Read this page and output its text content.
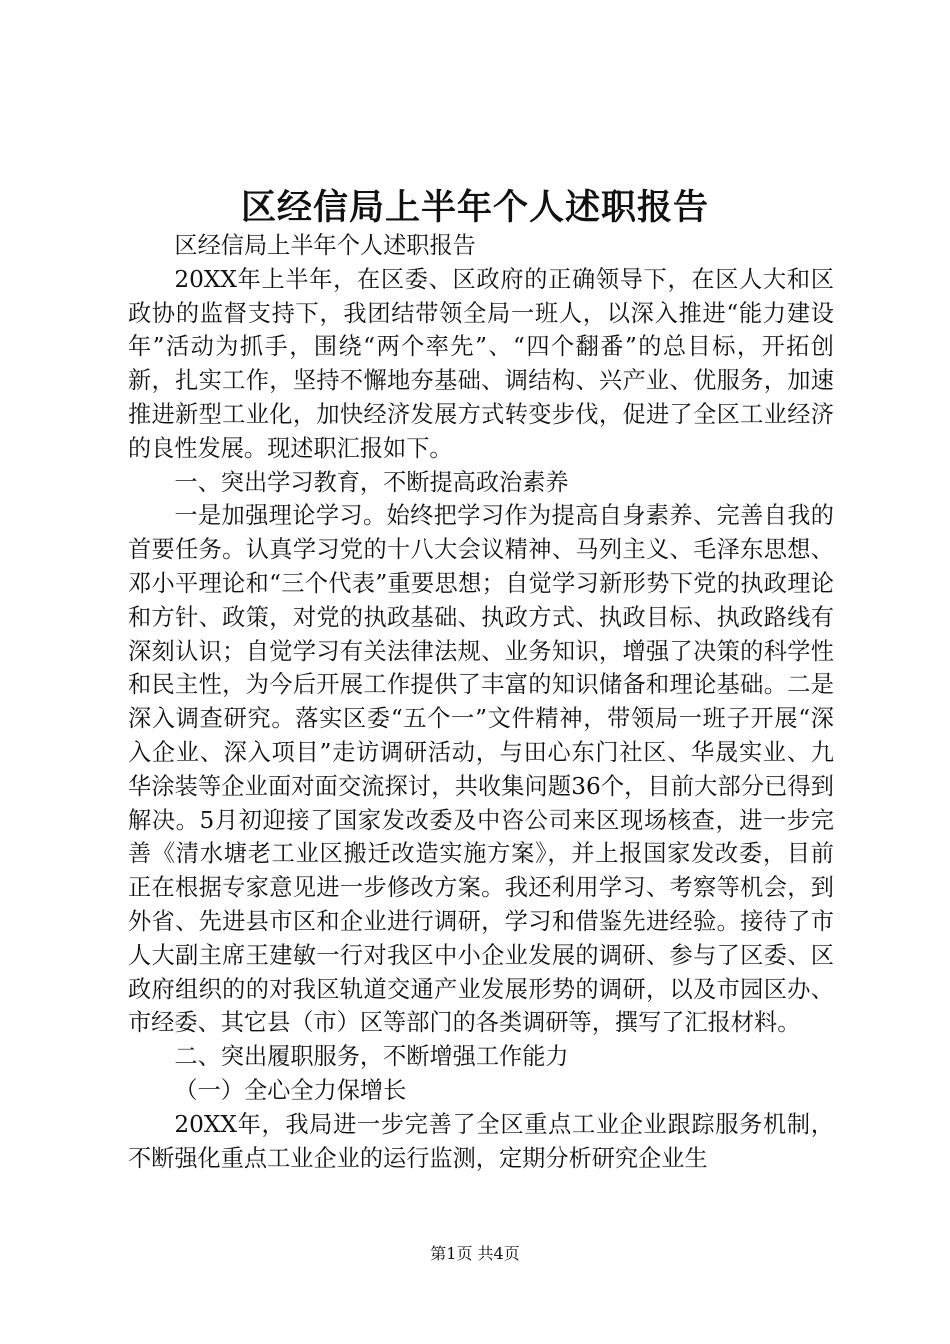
区经信局上半年个人述职报告

区经信局上半年个人述职报告

20XX年上半年，在区委、区政府的正确领导下，在区人大和区政协的监督支持下，我团结带领全局一班人，以深入推进“能力建设年”活动为抓手，围绕“两个率先”、“四个翻番”的总目标，开拓创新，扎实工作，坚持不懈地夯基础、调结构、兴产业、优服务，加速推进新型工业化，加快经济发展方式转变步伐，促进了全区工业经济的良性发展。现述职汇报如下。

一、突出学习教育，不断提高政治素养

一是加强理论学习。始终把学习作为提高自身素养、完善自我的首要任务。认真学习党的十八大会议精神、马列主义、毛泽东思想、邓小平理论和“三个代表”重要思想；自觉学习新形势下党的执政理论和方针、政策，对党的执政基础、执政方式、执政目标、执政路线有深刻认识；自觉学习有关法律法规、业务知识，增强了决策的科学性和民主性，为今后开展工作提供了丰富的知识储备和理论基础。二是深入调查研究。落实区委“五个一”文件精神，带领局一班子开展“深入企业、深入项目”走访调研活动，与田心东门社区、华晟实业、九华涂装等企业面对面交流探讨，共收集问题36个，目前大部分已得到解决。5月初迎接了国家发改委及中咨公司来区现场核查，进一步完善《清水塘老工业区搬迁改造实施方案》，并上报国家发改委，目前正在根据专家意见进一步修改方案。我还利用学习、考察等机会，到外省、先进县市区和企业进行调研，学习和借鉴先进经验。接待了市人大副主席王建敏一行对我区中小企业发展的调研、参与了区委、区政府组织的的对我区轨道交通产业发展形势的调研，以及市园区办、市经委、其它县（市）区等部门的各类调研等，撰写了汇报材料。

二、突出履职服务，不断增强工作能力

（一）全心全力保增长

20XX年，我局进一步完善了全区重点工业企业跟踪服务机制，不断强化重点工业企业的运行监测，定期分析研究企业生

第1页 共4页
